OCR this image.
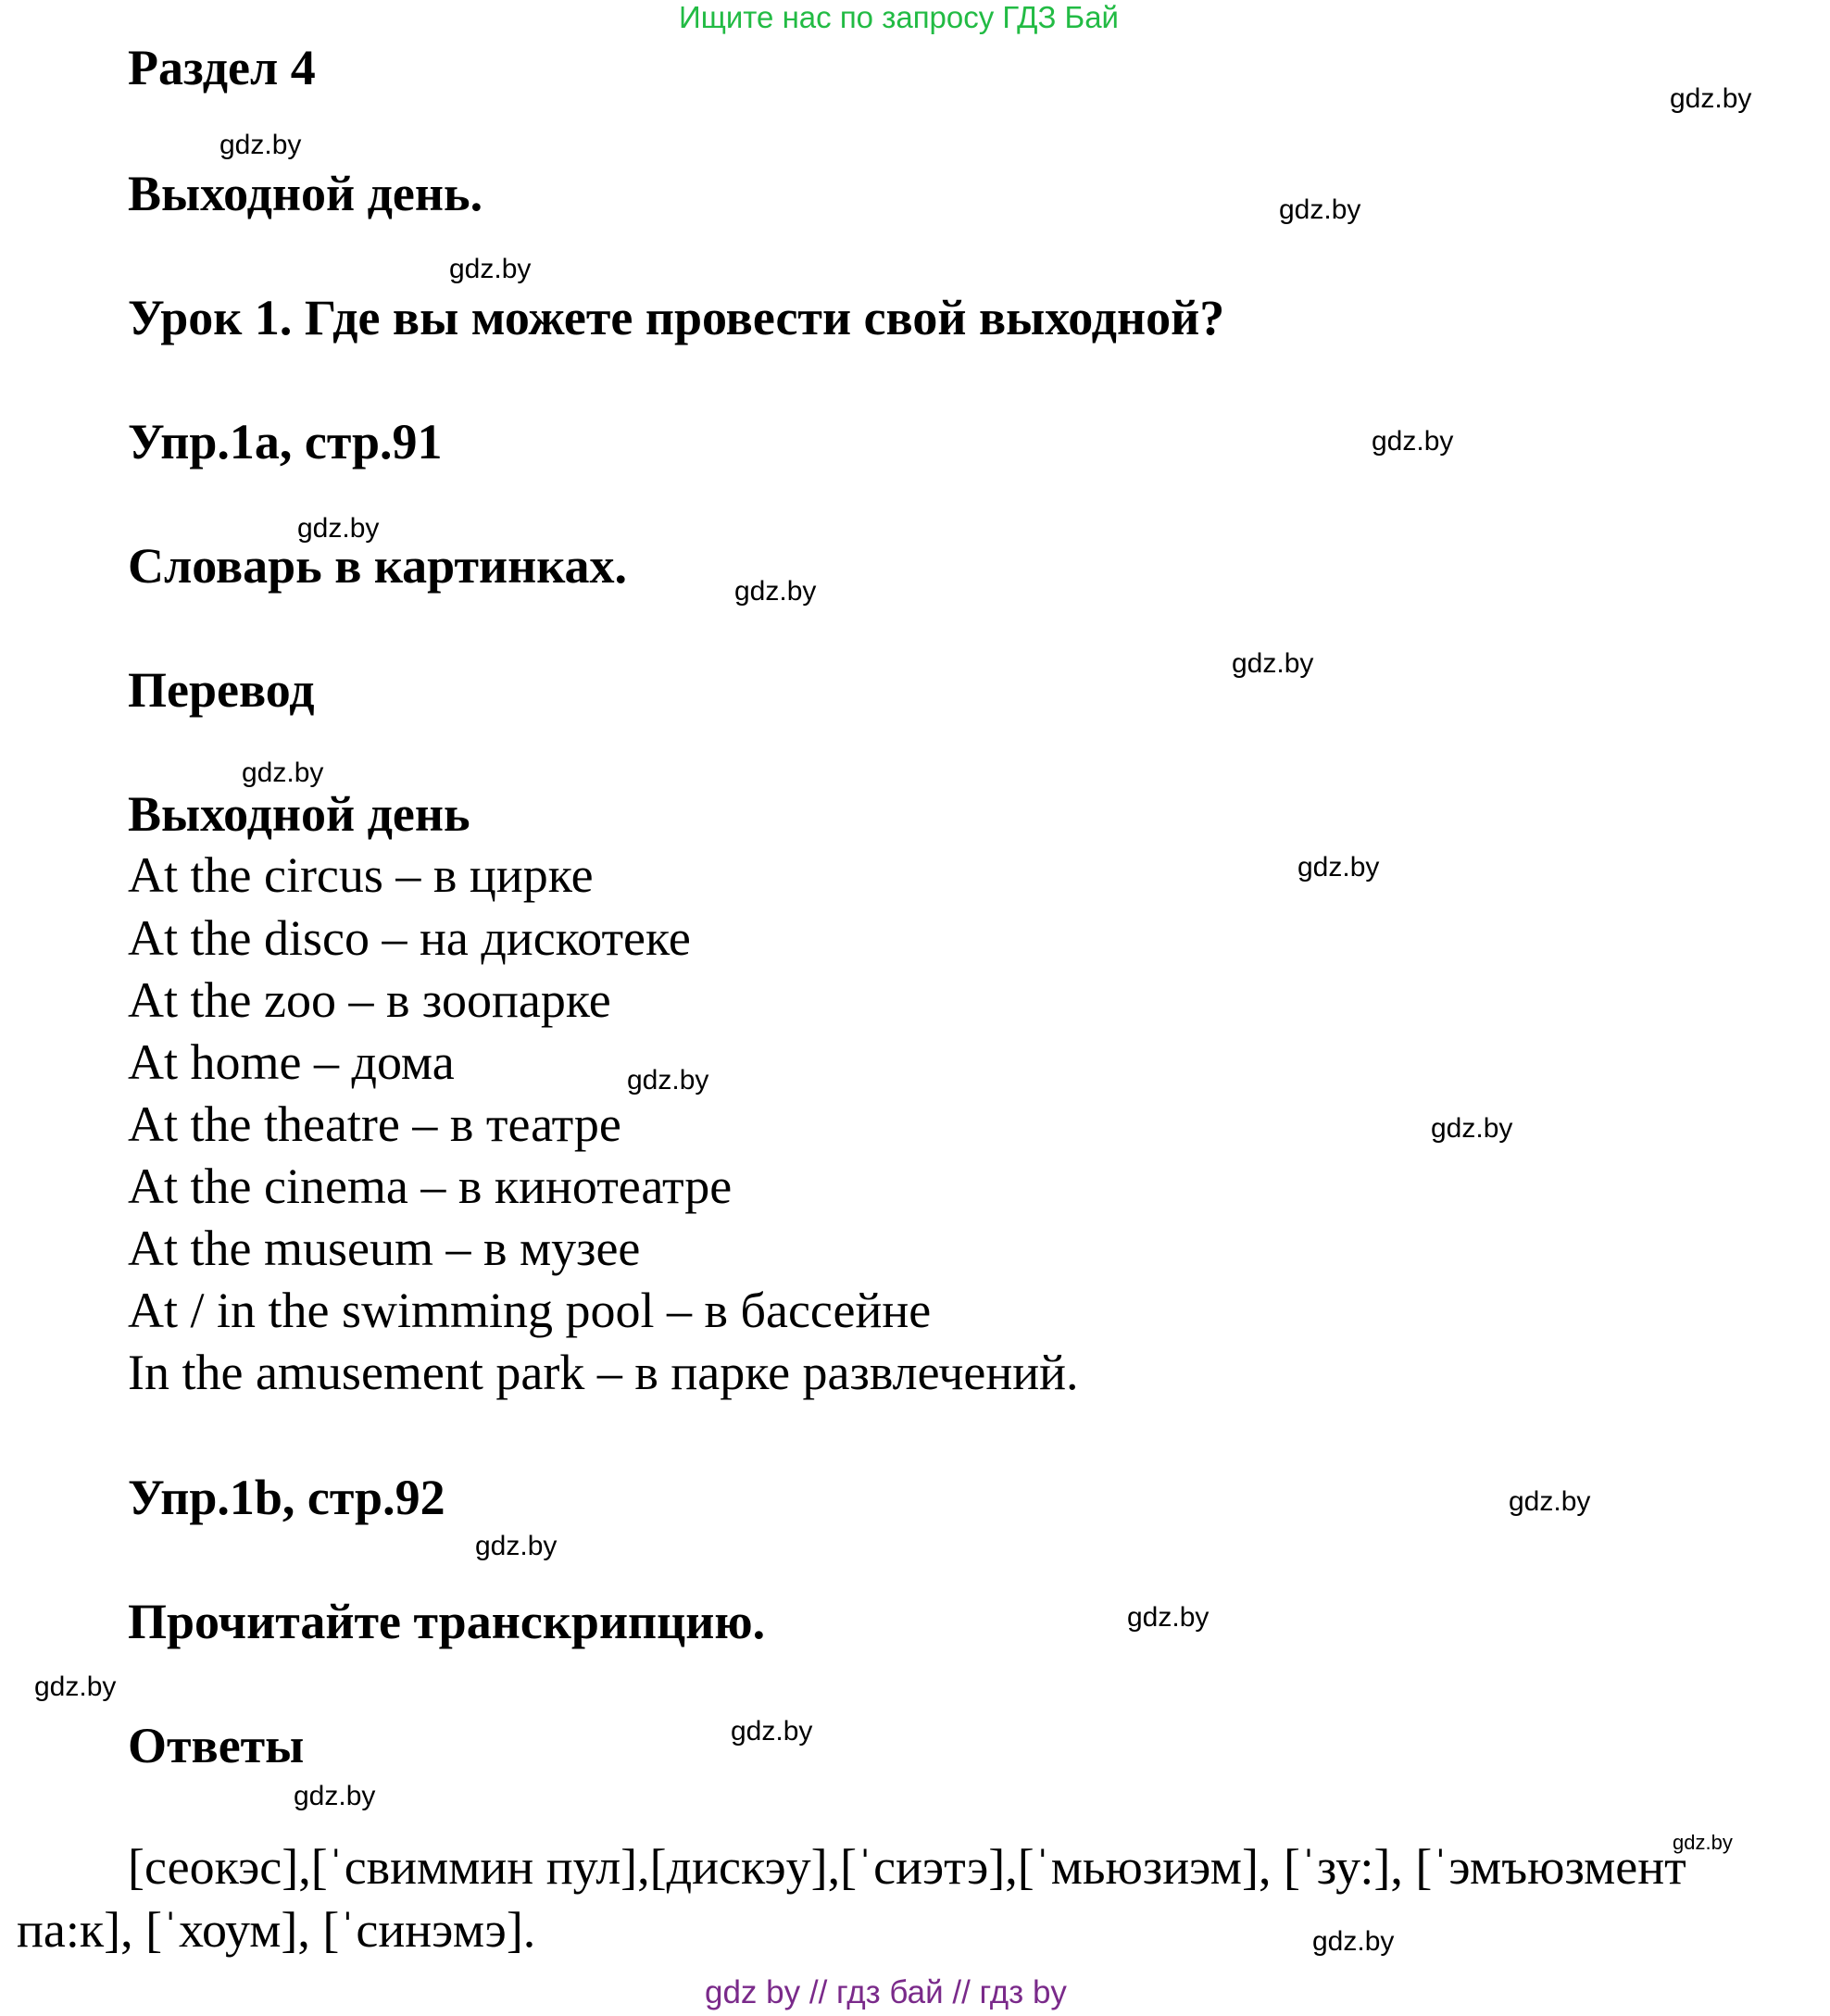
Ищите нас по запросу ГДЗ Бай
Раздел 4
Выходной день.
Урок 1. Где вы можете провести свой выходной?
Упр.1a, стр.91
Словарь в картинках.
Перевод
Выходной день
At the circus – в цирке
At the disco – на дискотеке
At the zoo – в зоопарке
At home – дома
At the theatre – в театре
At the cinema – в кинотеатре
At the museum – в музее
At / in the swimming pool – в бассейне
In the amusement park – в парке развлечений.
Упр.1b, стр.92
Прочитайте транскрипцию.
Ответы
[сеокэс],[ˈсвиммин пул],[дискэу],[ˈсиэтэ],[ˈмьюзиэм], [ˈзу:], [ˈэмъюзмент
па:к], [ˈхоум], [ˈсинэмэ].
gdz.by
gdz.by
gdz.by
gdz.by
gdz.by
gdz.by
gdz.by
gdz.by
gdz.by
gdz.by
gdz.by
gdz.by
gdz.by
gdz.by
gdz.by
gdz.by
gdz.by
gdz.by
gdz.by
gdz.by
gdz by // гдз бай // гдз by
